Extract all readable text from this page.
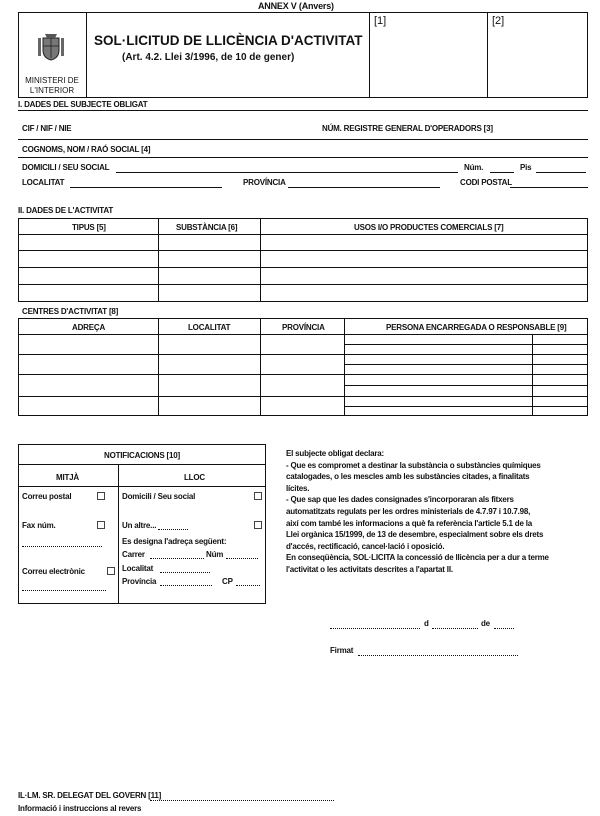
ANNEX V (Anvers)
MINISTERI DE
L'INTERIOR
SOL·LICITUD DE LLICÈNCIA D'ACTIVITAT
(Art. 4.2. Llei 3/1996, de 10 de gener)
[1]	[2]
I. DADES DEL SUBJECTE OBLIGAT
CIF / NIF / NIE	NÚM. REGISTRE GENERAL D'OPERADORS [3]
COGNOMS, NOM / RAÓ SOCIAL [4]
DOMICILI / SEU SOCIAL	Núm.	Pis
LOCALITAT	PROVÍNCIA	CODI POSTAL
II. DADES DE L'ACTIVITAT
TIPUS [5]	SUBSTÀNCIA [6]	USOS I/O PRODUCTES COMERCIALS [7]
CENTRES D'ACTIVITAT [8]
ADREÇA	LOCALITAT	PROVÍNCIA	PERSONA ENCARREGADA O RESPONSABLE [9]
NOTIFICACIONS [10]
MITJÀ	LLOC
Correu postal
Fax núm.
Correu electrònic
Domicili / Seu social
Un altre...
Es designa l'adreça següent:
Carrer	Núm
Localitat
Província	CP
El subjecte obligat declara:
- Que es compromet a destinar la substància o substàncies químiques
catalogades, o les mescles amb les substàncies citades, a finalitats
lícites.
- Que sap que les dades consignades s'incorporaran als fitxers
automatitzats regulats per les ordres ministerials de 4.7.97 i 10.7.98,
així com també les informacions a què fa referència l'article 5.1 de la
Llei orgànica 15/1999, de 13 de desembre, especialment sobre els drets
d'accés, rectificació, cancel·lació i oposició.
En conseqüència, SOL·LICITA la concessió de llicència per a dur a terme
l'activitat o les activitats descrites a l'apartat II.
d	de
Firmat
IL·LM. SR. DELEGAT DEL GOVERN [11]
Informació i instruccions al revers
